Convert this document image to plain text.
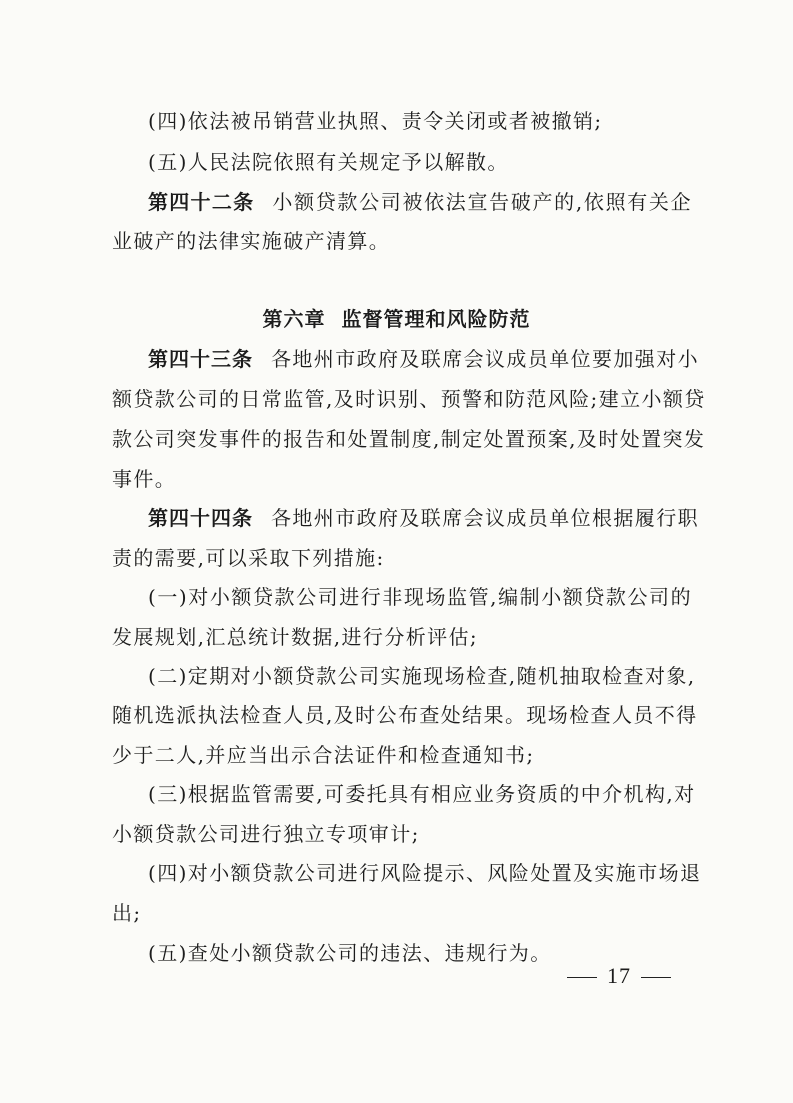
(四)依法被吊销营业执照、责令关闭或者被撤销;
(五)人民法院依照有关规定予以解散。
第四十二条 小额贷款公司被依法宣告破产的,依照有关企
业破产的法律实施破产清算。
第六章 监督管理和风险防范
第四十三条 各地州市政府及联席会议成员单位要加强对小
额贷款公司的日常监管,及时识别、预警和防范风险;建立小额贷
款公司突发事件的报告和处置制度,制定处置预案,及时处置突发
事件。
第四十四条 各地州市政府及联席会议成员单位根据履行职
责的需要,可以采取下列措施:
(一)对小额贷款公司进行非现场监管,编制小额贷款公司的
发展规划,汇总统计数据,进行分析评估;
(二)定期对小额贷款公司实施现场检查,随机抽取检查对象,
随机选派执法检查人员,及时公布查处结果。现场检查人员不得
少于二人,并应当出示合法证件和检查通知书;
(三)根据监管需要,可委托具有相应业务资质的中介机构,对
小额贷款公司进行独立专项审计;
(四)对小额贷款公司进行风险提示、风险处置及实施市场退
出;
(五)查处小额贷款公司的违法、违规行为。
17
